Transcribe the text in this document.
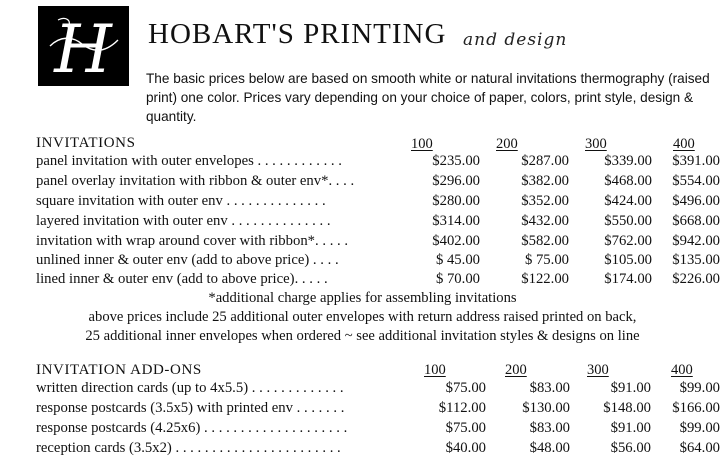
H HOBART'S PRINTING and design
The basic prices below are based on smooth white or natural invitations thermography (raised print) one color. Prices vary depending on your choice of paper, colors, print style, design & quantity.
INVITATIONS	100	200	300	400
panel invitation with outer envelopes . . . . . . . . . . . .	$235.00	$287.00 $339.00 $391.00
panel overlay invitation with ribbon & outer env*. . . .	$296.00	$382.00 $468.00 $554.00
square invitation with outer env . . . . . . . . . . . . . .	$280.00	$352.00 $424.00 $496.00
layered invitation with outer env . . . . . . . . . . . . . .	$314.00	$432.00 $550.00 $668.00
invitation with wrap around cover with ribbon*. . . . .	$402.00	$582.00 $762.00 $942.00
unlined inner & outer env (add to above price) . . . .	$ 45.00	$ 75.00 $105.00 $135.00
lined inner & outer env (add to above price). . . . .	$ 70.00	$122.00 $174.00 $226.00
*additional charge applies for assembling invitations
above prices include 25 additional outer envelopes with return address raised printed on back,
25 additional inner envelopes when ordered ~ see additional invitation styles & designs on line
INVITATION ADD-ONS	100	200	300	400
written direction cards (up to 4x5.5) . . . . . . . . . . . . .	$75.00	$83.00	$91.00 $99.00
response postcards (3.5x5) with printed env . . . . . . .	$112.00 $130.00 $148.00 $166.00
response postcards (4.25x6) . . . . . . . . . . . . . . . . . . . .	$75.00	$83.00	$91.00 $99.00
reception cards (3.5x2) . . . . . . . . . . . . . . . . . . . . . . .	$40.00	$48.00	$56.00 $64.00
